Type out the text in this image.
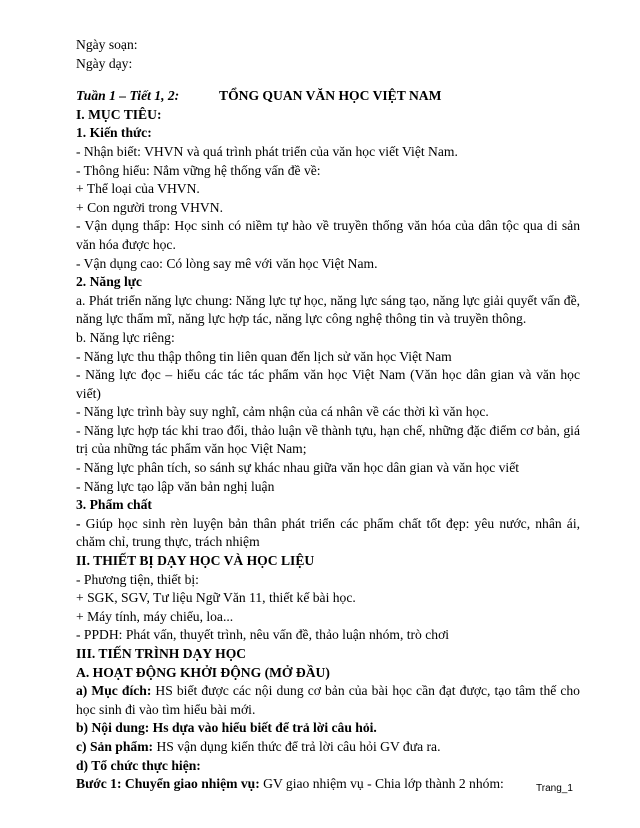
Ngày soạn:
Ngày dạy:
Tuần 1 – Tiết 1, 2:	TỔNG QUAN VĂN HỌC VIỆT NAM
I. MỤC TIÊU:
1. Kiến thức:
- Nhận biết: VHVN và quá trình phát triển của văn học viết Việt Nam.
- Thông hiểu: Nắm vững hệ thống vấn đề về:
+ Thể loại của VHVN.
+ Con người trong VHVN.
- Vận dụng thấp: Học sinh có niềm tự hào về truyền thống văn hóa của dân tộc qua di sản văn hóa được học.
- Vận dụng cao: Có lòng say mê với văn học Việt Nam.
2. Năng lực
a. Phát triển năng lực chung: Năng lực tự học, năng lực sáng tạo, năng lực giải quyết vấn đề, năng lực thẩm mĩ, năng lực hợp tác, năng lực công nghệ thông tin và truyền thông.
b. Năng lực riêng:
- Năng lực thu thập thông tin liên quan đến lịch sử văn học Việt Nam
- Năng lực đọc – hiểu các tác tác phẩm văn học Việt Nam (Văn học dân gian và văn học viết)
- Năng lực trình bày suy nghĩ, cảm nhận của cá nhân về các thời kì văn học.
- Năng lực hợp tác khi trao đổi, thảo luận về thành tựu, hạn chế, những đặc điểm cơ bản, giá trị của những tác phẩm văn học Việt Nam;
- Năng lực phân tích, so sánh sự khác nhau giữa văn học dân gian và văn học viết
- Năng lực tạo lập văn bản nghị luận
3. Phẩm chất
- Giúp học sinh rèn luyện bản thân phát triển các phẩm chất tốt đẹp: yêu nước, nhân ái, chăm chỉ, trung thực, trách nhiệm
II. THIẾT BỊ DẠY HỌC VÀ HỌC LIỆU
- Phương tiện, thiết bị:
+ SGK, SGV, Tư liệu Ngữ Văn 11, thiết kế bài học.
+ Máy tính, máy chiếu, loa...
- PPDH: Phát vấn, thuyết trình, nêu vấn đề, thảo luận nhóm, trò chơi
III. TIẾN TRÌNH DẠY HỌC
A. HOẠT ĐỘNG KHỞI ĐỘNG (MỞ ĐẦU)
a) Mục đích: HS biết được các nội dung cơ bản của bài học cần đạt được, tạo tâm thế cho học sinh đi vào tìm hiểu bài mới.
b) Nội dung: Hs dựa vào hiểu biết để trả lời câu hỏi.
c) Sản phẩm: HS vận dụng kiến thức để trả lời câu hỏi GV đưa ra.
d) Tổ chức thực hiện:
Bước 1: Chuyển giao nhiệm vụ: GV giao nhiệm vụ - Chia lớp thành 2 nhóm:	Trang_1
